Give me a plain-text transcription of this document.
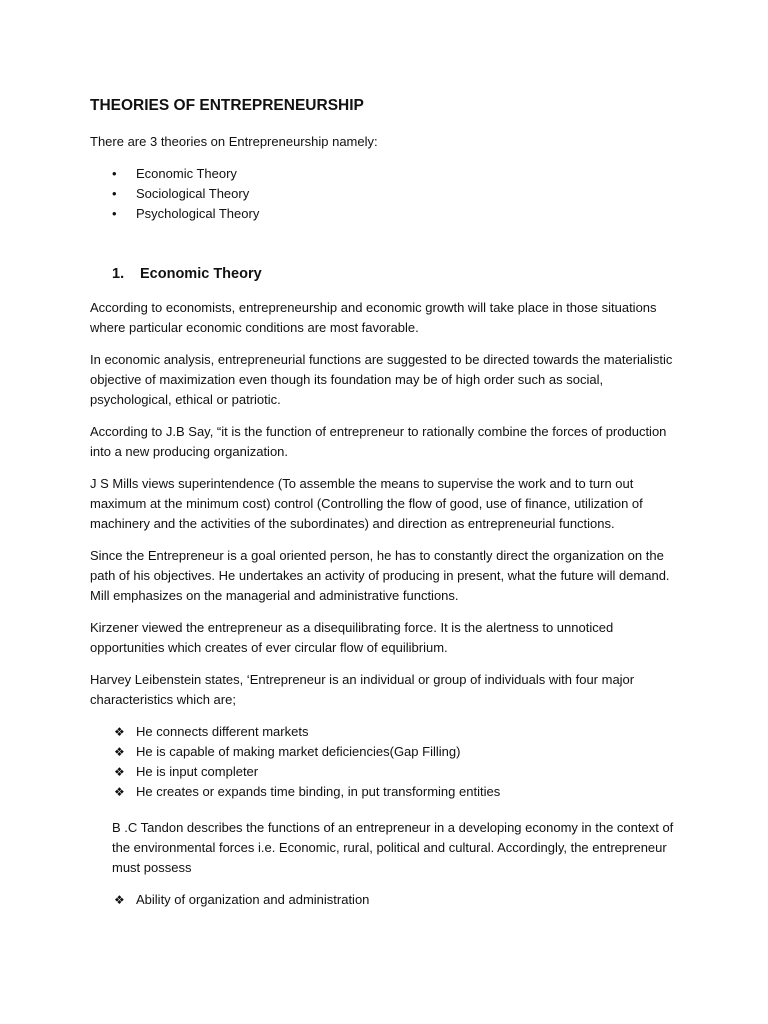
THEORIES OF ENTREPRENEURSHIP

There are 3 theories on Entrepreneurship namely:

• Economic Theory
• Sociological Theory
• Psychological Theory
1.	Economic Theory

According to economists, entrepreneurship and economic growth will take place in those situations where particular economic conditions are most favorable.

In economic analysis, entrepreneurial functions are suggested to be directed towards the materialistic objective of maximization even though its foundation may be of high order such as social, psychological, ethical or patriotic.

According to J.B Say, “it is the function of entrepreneur to rationally combine the forces of production into a new producing organization.

J S Mills views superintendence (To assemble the means to supervise the work and to turn out maximum at the minimum cost) control (Controlling the flow of good, use of finance, utilization of machinery and the activities of the subordinates) and direction as entrepreneurial functions.

Since the Entrepreneur is a goal oriented person, he has to constantly direct the organization on the path of his objectives. He undertakes an activity of producing in present, what the future will demand. Mill emphasizes on the managerial and administrative functions.

Kirzener viewed the entrepreneur as a disequilibrating force. It is the alertness to unnoticed opportunities which creates of ever circular flow of equilibrium.

Harvey Leibenstein states, ‘Entrepreneur is an individual or group of individuals with four major characteristics which are;

❖ He connects different markets
❖ He is capable of making market deficiencies(Gap Filling)
❖ He is input completer
❖ He creates or expands time binding, in put transforming entities

B .C Tandon describes the functions of an entrepreneur in a developing economy in the context of the environmental forces i.e. Economic, rural, political and cultural. Accordingly, the entrepreneur must possess

❖ Ability of organization and administration
